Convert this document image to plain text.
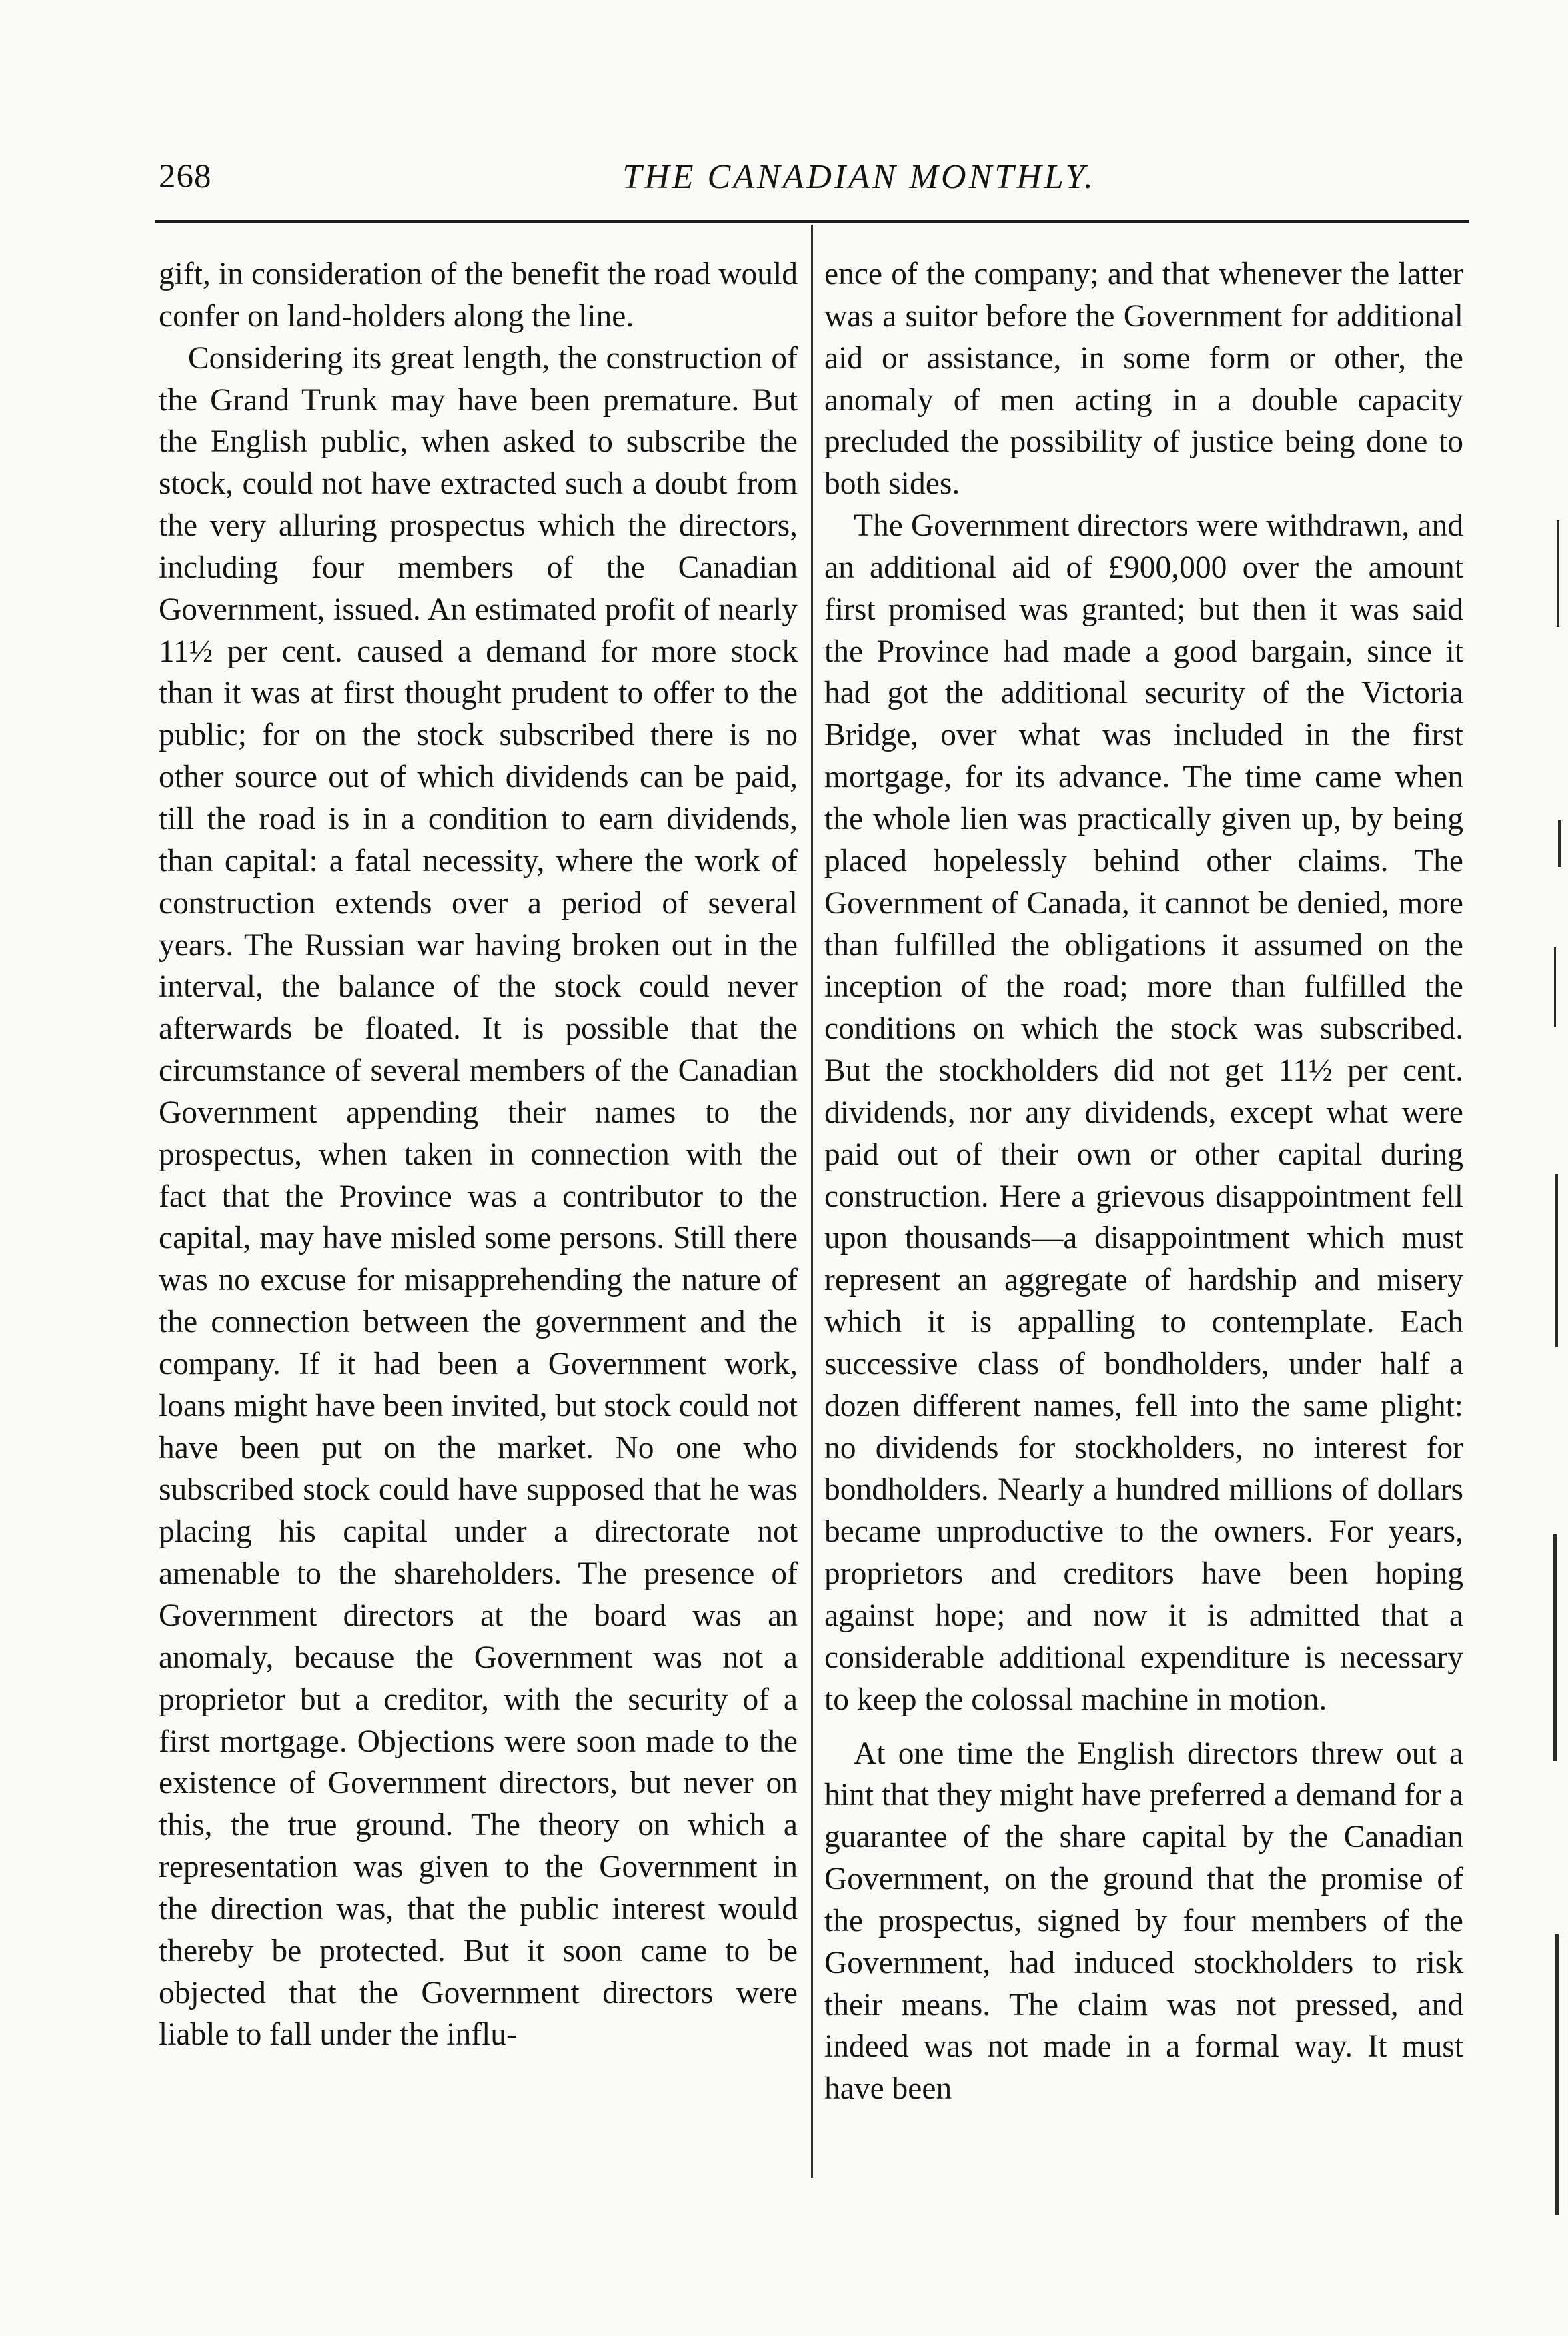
268	THE CANADIAN MONTHLY.

gift, in consideration of the benefit the road would confer on land-holders along the line.

Considering its great length, the construction of the Grand Trunk may have been premature. But the English public, when asked to subscribe the stock, could not have extracted such a doubt from the very alluring prospectus which the directors, including four members of the Canadian Government, issued. An estimated profit of nearly 11½ per cent. caused a demand for more stock than it was at first thought prudent to offer to the public; for on the stock subscribed there is no other source out of which dividends can be paid, till the road is in a condition to earn dividends, than capital: a fatal necessity, where the work of construction extends over a period of several years. The Russian war having broken out in the interval, the balance of the stock could never afterwards be floated. It is possible that the circumstance of several members of the Canadian Government appending their names to the prospectus, when taken in connection with the fact that the Province was a contributor to the capital, may have misled some persons. Still there was no excuse for misapprehending the nature of the connection between the government and the company. If it had been a Government work, loans might have been invited, but stock could not have been put on the market. No one who subscribed stock could have supposed that he was placing his capital under a directorate not amenable to the shareholders. The presence of Government directors at the board was an anomaly, because the Government was not a proprietor but a creditor, with the security of a first mortgage. Objections were soon made to the existence of Government directors, but never on this, the true ground. The theory on which a representation was given to the Government in the direction was, that the public interest would thereby be protected. But it soon came to be objected that the Government directors were liable to fall under the influ-

ence of the company; and that whenever the latter was a suitor before the Government for additional aid or assistance, in some form or other, the anomaly of men acting in a double capacity precluded the possibility of justice being done to both sides.

The Government directors were withdrawn, and an additional aid of £900,000 over the amount first promised was granted; but then it was said the Province had made a good bargain, since it had got the additional security of the Victoria Bridge, over what was included in the first mortgage, for its advance. The time came when the whole lien was practically given up, by being placed hopelessly behind other claims. The Government of Canada, it cannot be denied, more than fulfilled the obligations it assumed on the inception of the road; more than fulfilled the conditions on which the stock was subscribed. But the stockholders did not get 11½ per cent. dividends, nor any dividends, except what were paid out of their own or other capital during construction. Here a grievous disappointment fell upon thousands—a disappointment which must represent an aggregate of hardship and misery which it is appalling to contemplate. Each successive class of bondholders, under half a dozen different names, fell into the same plight: no dividends for stockholders, no interest for bondholders. Nearly a hundred millions of dollars became unproductive to the owners. For years, proprietors and creditors have been hoping against hope; and now it is admitted that a considerable additional expenditure is necessary to keep the colossal machine in motion.

At one time the English directors threw out a hint that they might have preferred a demand for a guarantee of the share capital by the Canadian Government, on the ground that the promise of the prospectus, signed by four members of the Government, had induced stockholders to risk their means. The claim was not pressed, and indeed was not made in a formal way. It must have been
